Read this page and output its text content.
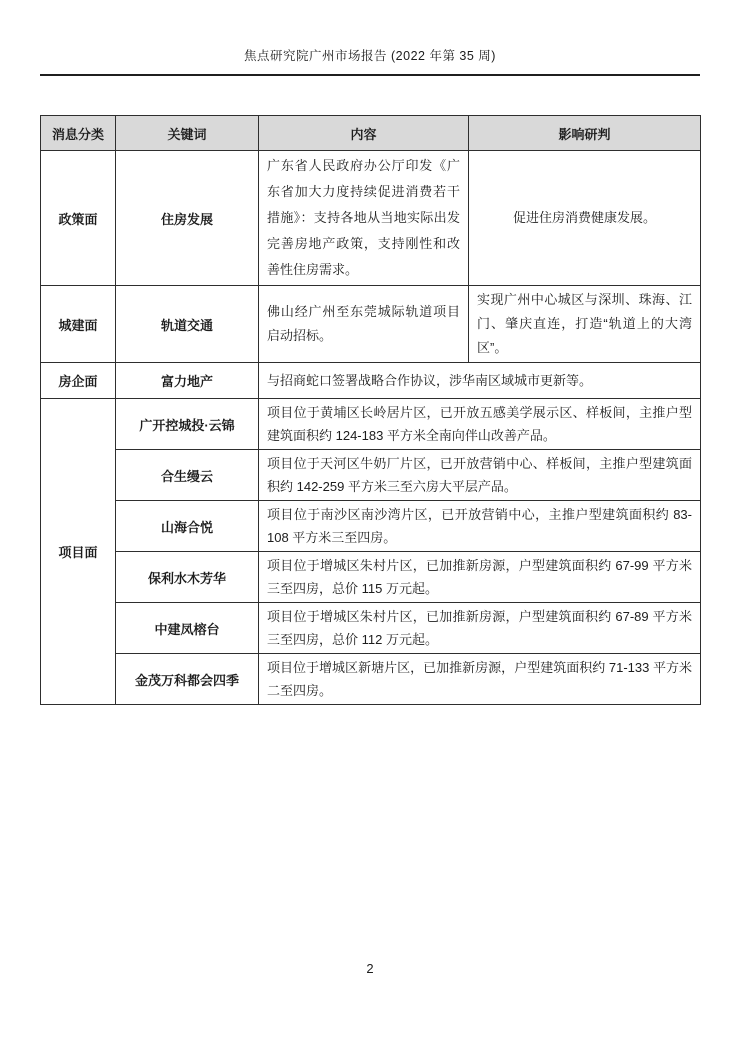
焦点研究院广州市场报告 (2022 年第 35 周)
消息分类	关键词	内容	影响研判
政策面	住房发展	广东省人民政府办公厅印发《广东省加大力度持续促进消费若干措施》：支持各地从当地实际出发完善房地产政策，支持刚性和改善性住房需求。	促进住房消费健康发展。
城建面	轨道交通	佛山经广州至东莞城际轨道项目启动招标。	实现广州中心城区与深圳、珠海、江门、肇庆直连，打造“轨道上的大湾区”。
房企面	富力地产	与招商蛇口签署战略合作协议，涉华南区域城市更新等。	
项目面	广开控城投·云锦	项目位于黄埔区长岭居片区，已开放五感美学展示区、样板间，主推户型建筑面积约 124-183 平方米全南向伴山改善产品。	
	合生缦云	项目位于天河区牛奶厂片区，已开放营销中心、样板间，主推户型建筑面积约 142-259 平方米三至六房大平层产品。	
	山海合悦	项目位于南沙区南沙湾片区，已开放营销中心，主推户型建筑面积约 83-108 平方米三至四房。	
	保利水木芳华	项目位于增城区朱村片区，已加推新房源，户型建筑面积约 67-99 平方米三至四房，总价 115 万元起。	
	中建凤榕台	项目位于增城区朱村片区，已加推新房源，户型建筑面积约 67-89 平方米三至四房，总价 112 万元起。	
	金茂万科都会四季	项目位于增城区新塘片区，已加推新房源，户型建筑面积约 71-133 平方米二至四房。	
2
